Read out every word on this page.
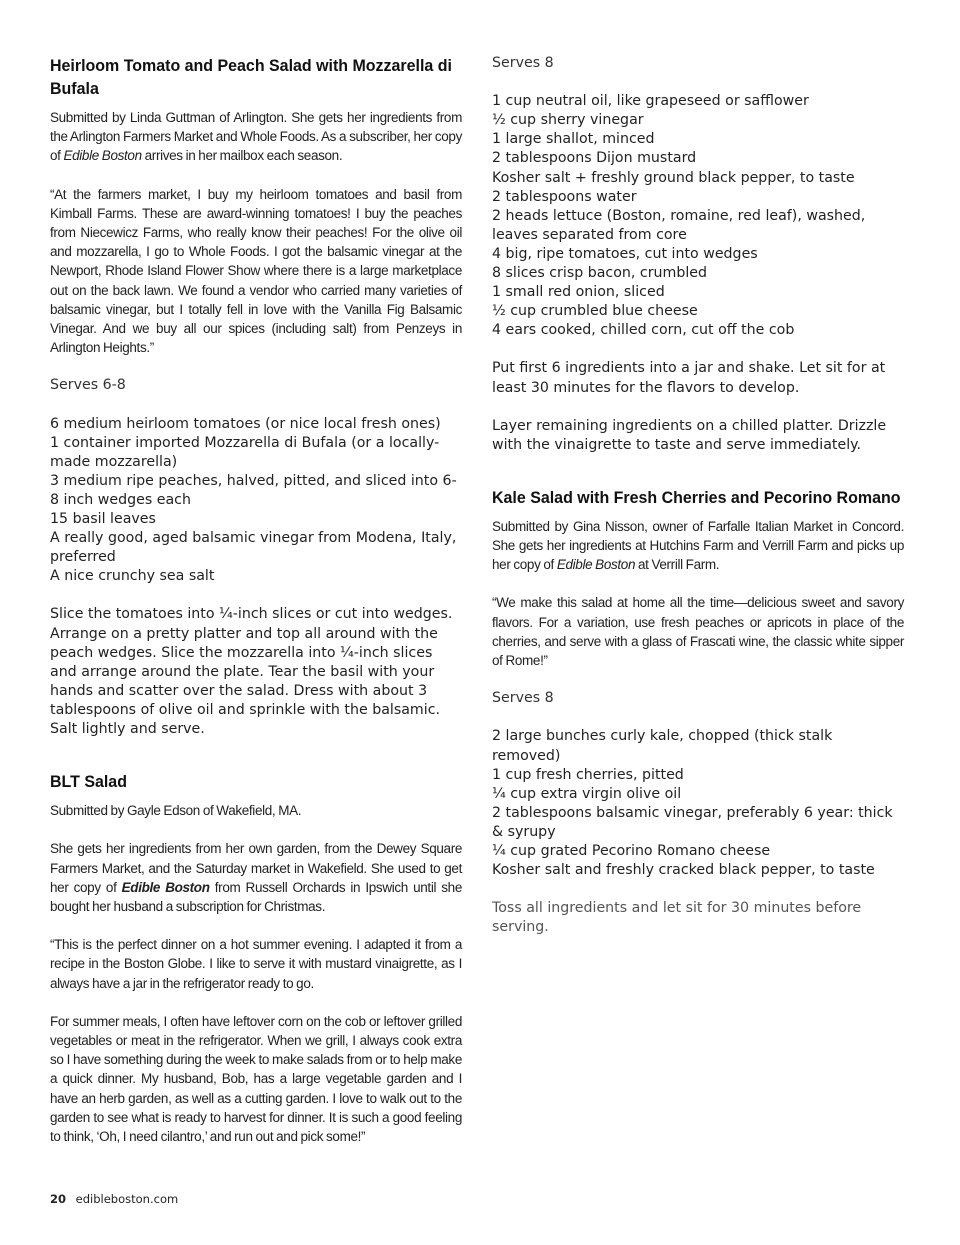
Heirloom Tomato and Peach Salad with Mozzarella di Bufala

Submitted by Linda Guttman of Arlington. She gets her ingredients from the Arlington Farmers Market and Whole Foods. As a subscriber, her copy of Edible Boston arrives in her mailbox each season.

“At the farmers market, I buy my heirloom tomatoes and basil from Kimball Farms. These are award-winning tomatoes! I buy the peaches from Niecewicz Farms, who really know their peaches! For the olive oil and mozzarella, I go to Whole Foods. I got the balsamic vinegar at the Newport, Rhode Island Flower Show where there is a large marketplace out on the back lawn. We found a vendor who carried many varieties of balsamic vinegar, but I totally fell in love with the Vanilla Fig Balsamic Vinegar. And we buy all our spices (including salt) from Penzeys in Arlington Heights.”

Serves 6-8

6 medium heirloom tomatoes (or nice local fresh ones)
1 container imported Mozzarella di Bufala (or a locally-made mozzarella)
3 medium ripe peaches, halved, pitted, and sliced into 6-8 inch wedges each
15 basil leaves
A really good, aged balsamic vinegar from Modena, Italy, preferred
A nice crunchy sea salt

Slice the tomatoes into ¼-inch slices or cut into wedges. Arrange on a pretty platter and top all around with the peach wedges. Slice the mozzarella into ¼-inch slices and arrange around the plate. Tear the basil with your hands and scatter over the salad. Dress with about 3 tablespoons of olive oil and sprinkle with the balsamic. Salt lightly and serve.

BLT Salad

Submitted by Gayle Edson of Wakefield, MA.

She gets her ingredients from her own garden, from the Dewey Square Farmers Market, and the Saturday market in Wakefield. She used to get her copy of Edible Boston from Russell Orchards in Ipswich until she bought her husband a subscription for Christmas.

“This is the perfect dinner on a hot summer evening. I adapted it from a recipe in the Boston Globe. I like to serve it with mustard vinaigrette, as I always have a jar in the refrigerator ready to go.

For summer meals, I often have leftover corn on the cob or leftover grilled vegetables or meat in the refrigerator. When we grill, I always cook extra so I have something during the week to make salads from or to help make a quick dinner. My husband, Bob, has a large vegetable garden and I have an herb garden, as well as a cutting garden. I love to walk out to the garden to see what is ready to harvest for dinner. It is such a good feeling to think, ‘Oh, I need cilantro,’ and run out and pick some!”

Serves 8

1 cup neutral oil, like grapeseed or safflower
½ cup sherry vinegar
1 large shallot, minced
2 tablespoons Dijon mustard
Kosher salt + freshly ground black pepper, to taste
2 tablespoons water
2 heads lettuce (Boston, romaine, red leaf), washed, leaves separated from core
4 big, ripe tomatoes, cut into wedges
8 slices crisp bacon, crumbled
1 small red onion, sliced
½ cup crumbled blue cheese
4 ears cooked, chilled corn, cut off the cob

Put first 6 ingredients into a jar and shake. Let sit for at least 30 minutes for the flavors to develop.

Layer remaining ingredients on a chilled platter. Drizzle with the vinaigrette to taste and serve immediately.

Kale Salad with Fresh Cherries and Pecorino Romano

Submitted by Gina Nisson, owner of Farfalle Italian Market in Concord. She gets her ingredients at Hutchins Farm and Verrill Farm and picks up her copy of Edible Boston at Verrill Farm.

“We make this salad at home all the time—delicious sweet and savory flavors. For a variation, use fresh peaches or apricots in place of the cherries, and serve with a glass of Frascati wine, the classic white sipper of Rome!”

Serves 8

2 large bunches curly kale, chopped (thick stalk removed)
1 cup fresh cherries, pitted
¼ cup extra virgin olive oil
2 tablespoons balsamic vinegar, preferably 6 year: thick & syrupy
¼ cup grated Pecorino Romano cheese
Kosher salt and freshly cracked black pepper, to taste

Toss all ingredients and let sit for 30 minutes before serving.

20 edibleboston.com
